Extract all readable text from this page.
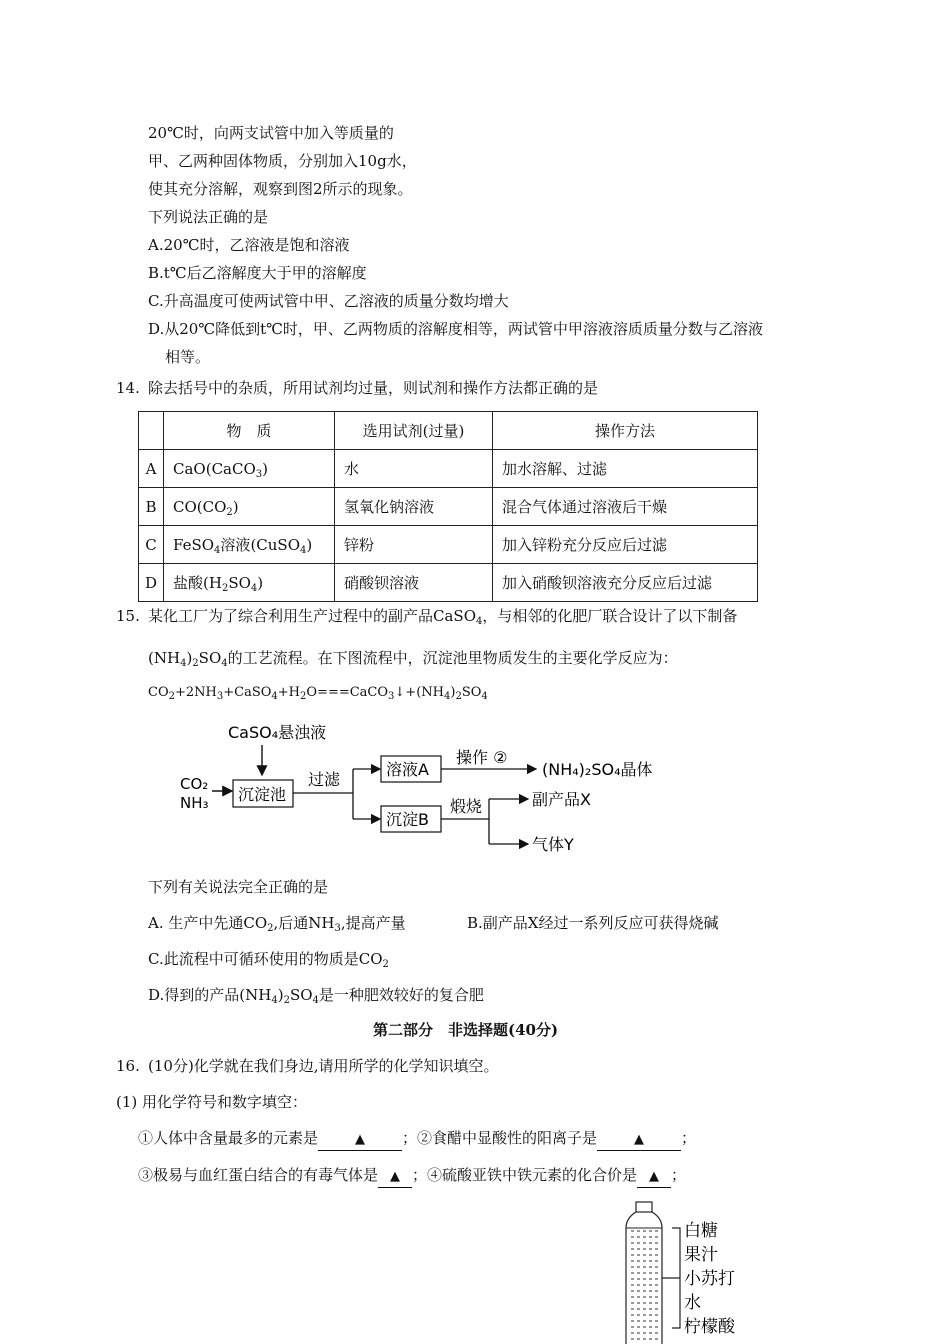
20℃时，向两支试管中加入等质量的
甲、乙两种固体物质，分别加入10g水，
使其充分溶解，观察到图2所示的现象。
下列说法正确的是
A.20℃时，乙溶液是饱和溶液
B.t℃后乙溶解度大于甲的溶解度
C.升高温度可使两试管中甲、乙溶液的质量分数均增大
D.从20℃降低到t℃时，甲、乙两物质的溶解度相等，两试管中甲溶液溶质质量分数与乙溶液
相等。
14. 除去括号中的杂质，所用试剂均过量，则试剂和操作方法都正确的是
	物　质	选用试剂(过量)	操作方法
A	CaO(CaCO$_3$)	水	加水溶解、过滤
B	$CO(CO_2)$	氢氧化钠溶液	混合气体通过溶液后干燥
C	FeSO$_4$溶液(CuSO$_4$)	锌粉	加入锌粉充分反应后过滤
D	盐酸$(H_2SO_4)$	硝酸钡溶液	加入硝酸钡溶液充分反应后过滤
15. 某化工厂为了综合利用生产过程中的副产品CaSO$_4$，与相邻的化肥厂联合设计了以下制备
$(NH_4)_2SO_4$的工艺流程。在下图流程中，沉淀池里物质发生的主要化学反应为：
$CO_2+2NH_3+CaSO_4+H_2O===CaCO_3↓+(NH_4)_2SO_4$
CaSO₄悬浊液
CO₂
NH₃ 沉淀池
过滤
溶液A
沉淀B
操作 ②
(NH₄)₂SO₄晶体
煅烧	副产品X
气体Y
下列有关说法完全正确的是
A. 生产中先通$CO_2$,后通$NH_3$,提高产量	B.副产品X经过一系列反应可获得烧碱
C.此流程中可循环使用的物质是$CO_2$
D.得到的产品$(NH_4)_2SO_4$是一种肥效较好的复合肥
第二部分　非选择题(40分)
16. (10分)化学就在我们身边,请用所学的化学知识填空。
(1) 用化学符号和数字填空：
①人体中含量最多的元素是	▲ ；②食醋中显酸性的阳离子是	▲ ；
③极易与血红蛋白结合的有毒气体是 ▲ ；④硫酸亚铁中铁元素的化合价是 ▲ ；
白糖
果汁
小苏打
水
柠檬酸
